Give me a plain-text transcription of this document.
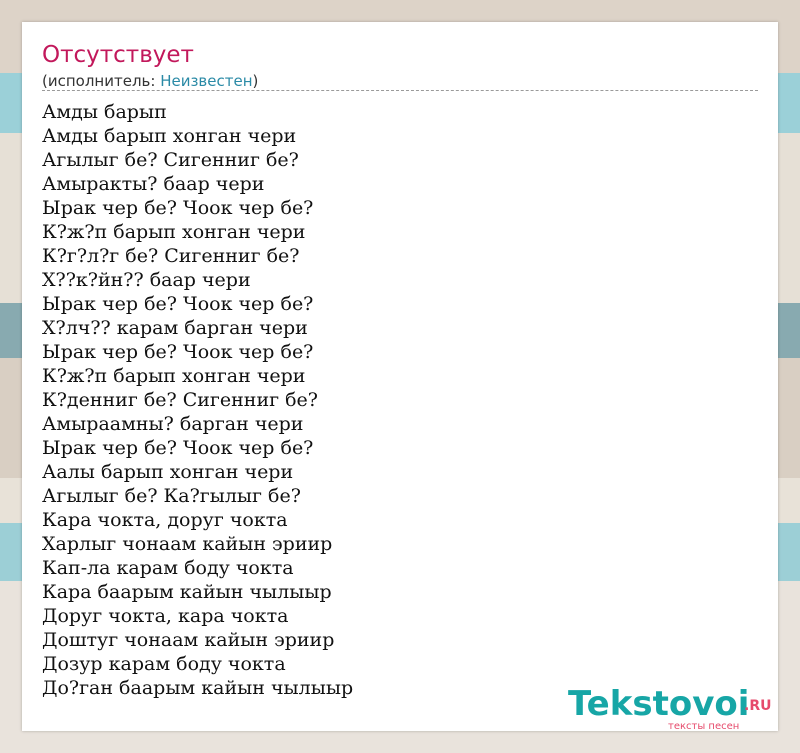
Отсутствует
(исполнитель: Неизвестен)
Амды барып
Амды барып хонган чери
Агылыг бе? Сигенниг бе?
Амыракты? баар чери
Ырак чер бе? Чоок чер бе?
К?ж?п барып хонган чери
К?г?л?г бе? Сигенниг бе?
Х??к?йн?? баар чери
Ырак чер бе? Чоок чер бе?
Х?лч?? карам барган чери
Ырак чер бе? Чоок чер бе?
К?ж?п барып хонган чери
К?денниг бе? Сигенниг бе?
Амыраамны? барган чери
Ырак чер бе? Чоок чер бе?
Аалы барып хонган чери
Агылыг бе? Ка?гылыг бе?
Кара чокта, доруг чокта
Харлыг чонаам кайын эриир
Кап-ла карам боду чокта
Кара баарым кайын чылыыр
Доруг чокта, кара чокта
Доштуг чонаам кайын эриир
Дозур карам боду чокта
До?ган баарым кайын чылыыр	Tekstovoi
.RU
тексты песен
